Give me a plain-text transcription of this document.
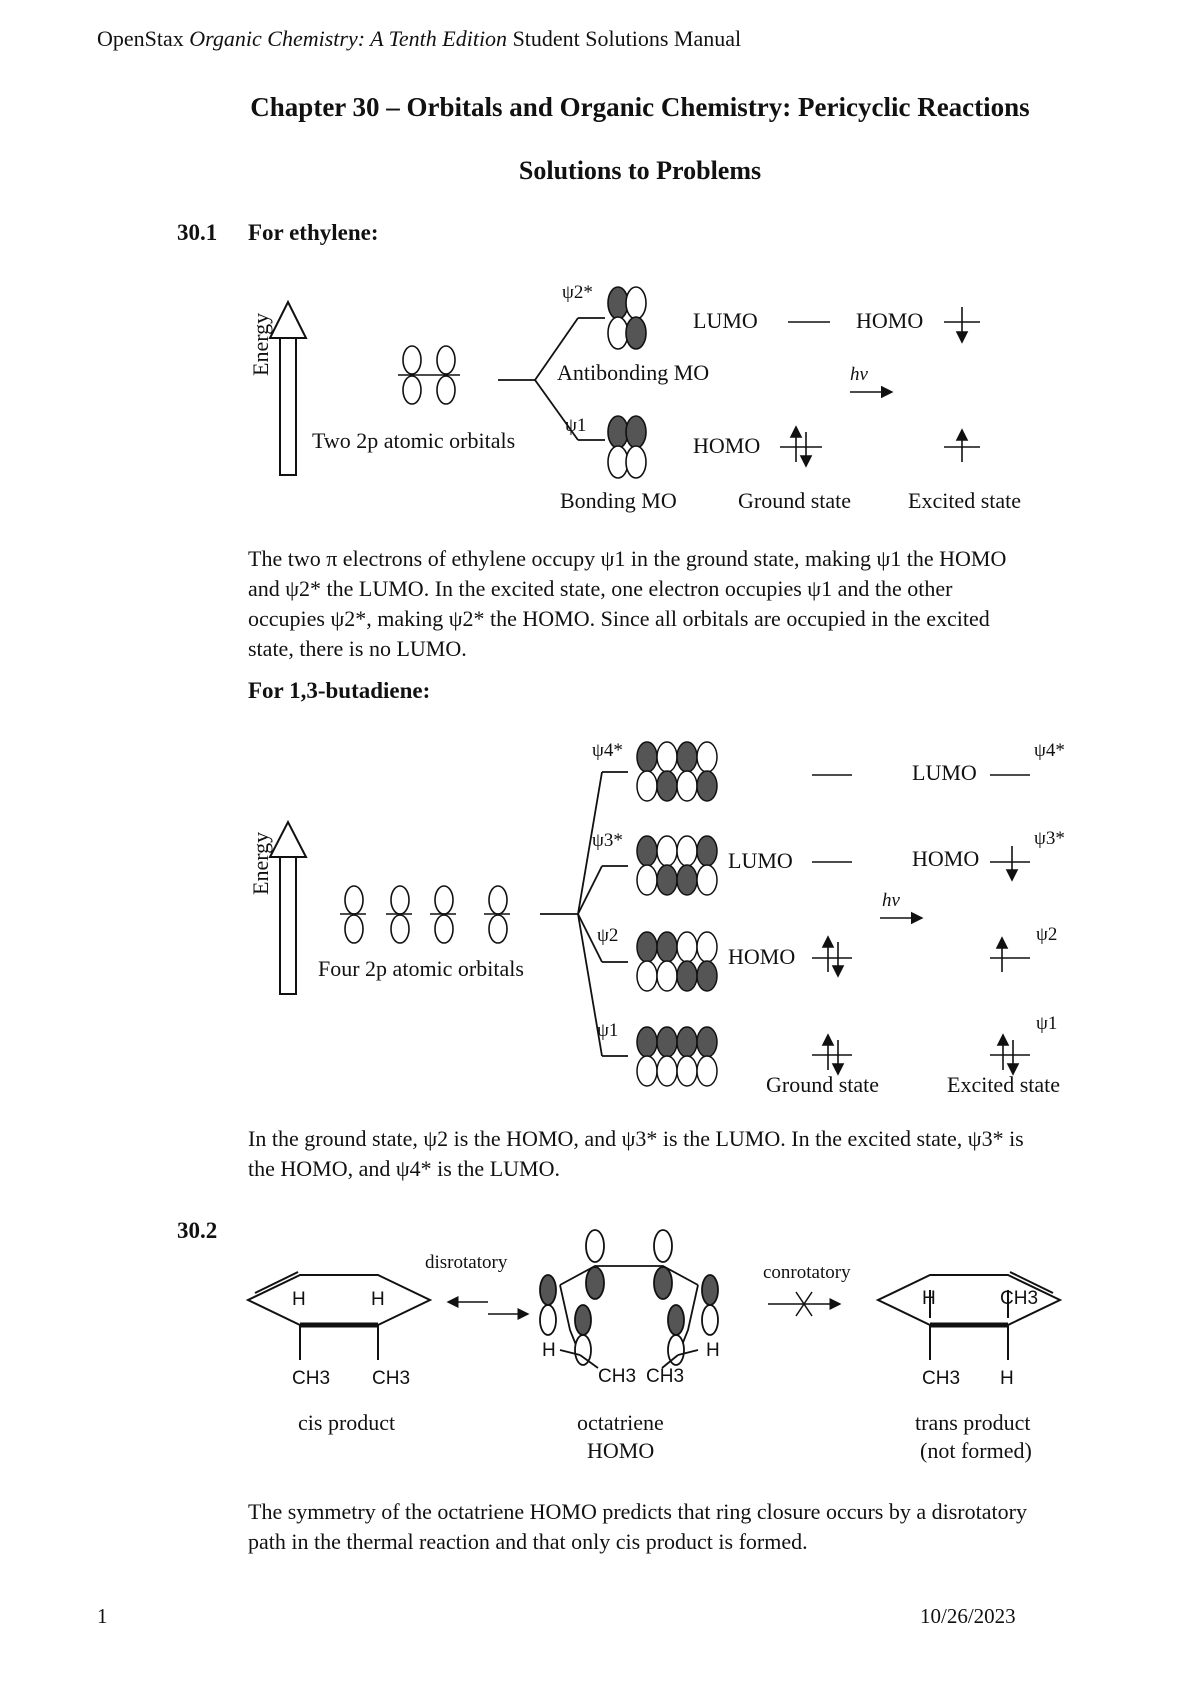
OpenStax Organic Chemistry: A Tenth Edition Student Solutions Manual
Chapter 30 – Orbitals and Organic Chemistry: Pericyclic Reactions
Solutions to Problems
30.1 For ethylene:
Energy
Two 2p atomic orbitals
ψ2*
ψ1
Antibonding MO
Bonding MO
LUMO	HOMO
hv
HOMO
Ground state	Excited state
The two π electrons of ethylene occupy ψ1 in the ground state, making ψ1 the HOMO
and ψ2* the LUMO. In the excited state, one electron occupies ψ1 and the other
occupies ψ2*, making ψ2* the HOMO. Since all orbitals are occupied in the excited
state, there is no LUMO.
For 1,3-butadiene:
Energy
Four 2p atomic orbitals
ψ4*
ψ3*
ψ2
ψ1
LUMO
HOMO
LUMO
HOMO
hv
Ground state	Excited state
ψ4*
ψ3*
ψ2
ψ1
In the ground state, ψ2 is the HOMO, and ψ3* is the LUMO. In the excited state, ψ3* is
the HOMO, and ψ4* is the LUMO.
30.2
disrotatory	conrotatory
H	H
CH3 CH3
cis product
H	H
CH3 CH3
octatriene
HOMO
H	CH3
CH3 H
trans product
(not formed)
The symmetry of the octatriene HOMO predicts that ring closure occurs by a disrotatory
path in the thermal reaction and that only cis product is formed.
1	10/26/2023
